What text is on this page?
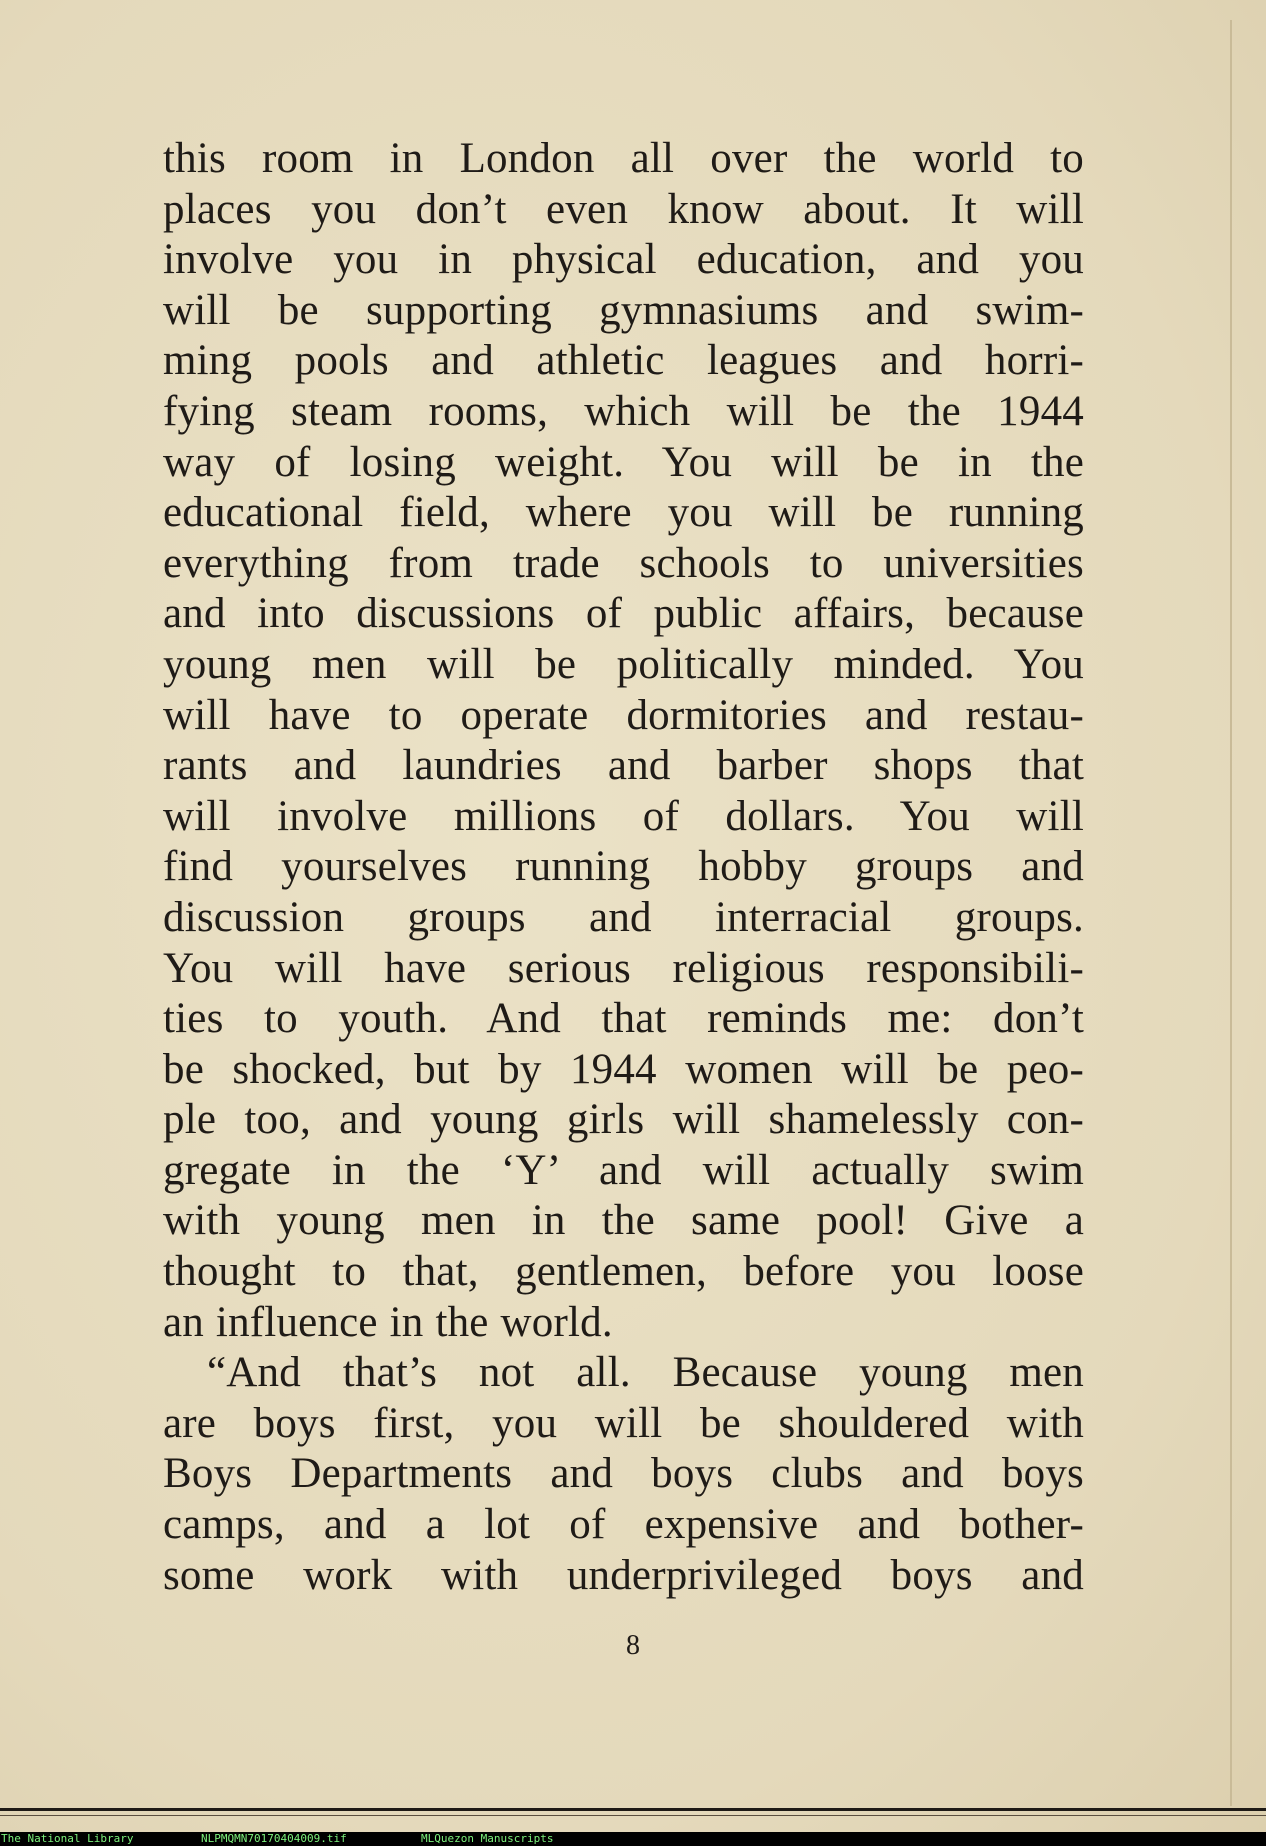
this room in London all over the world to
places you don’t even know about. It will
involve you in physical education, and you
will be supporting gymnasiums and swim-
ming pools and athletic leagues and horri-
fying steam rooms, which will be the 1944
way of losing weight. You will be in the
educational field, where you will be running
everything from trade schools to universities
and into discussions of public affairs, because
young men will be politically minded. You
will have to operate dormitories and restau-
rants and laundries and barber shops that
will involve millions of dollars. You will
find yourselves running hobby groups and
discussion groups and interracial groups.
You will have serious religious responsibili-
ties to youth. And that reminds me: don’t
be shocked, but by 1944 women will be peo-
ple too, and young girls will shamelessly con-
gregate in the ‘Y’ and will actually swim
with young men in the same pool! Give a
thought to that, gentlemen, before you loose
an influence in the world.
“And that’s not all. Because young men
are boys first, you will be shouldered with
Boys Departments and boys clubs and boys
camps, and a lot of expensive and bother-
some work with underprivileged boys and
8
The National Library	NLPMQMN70170404009.tif	MLQuezon Manuscripts
